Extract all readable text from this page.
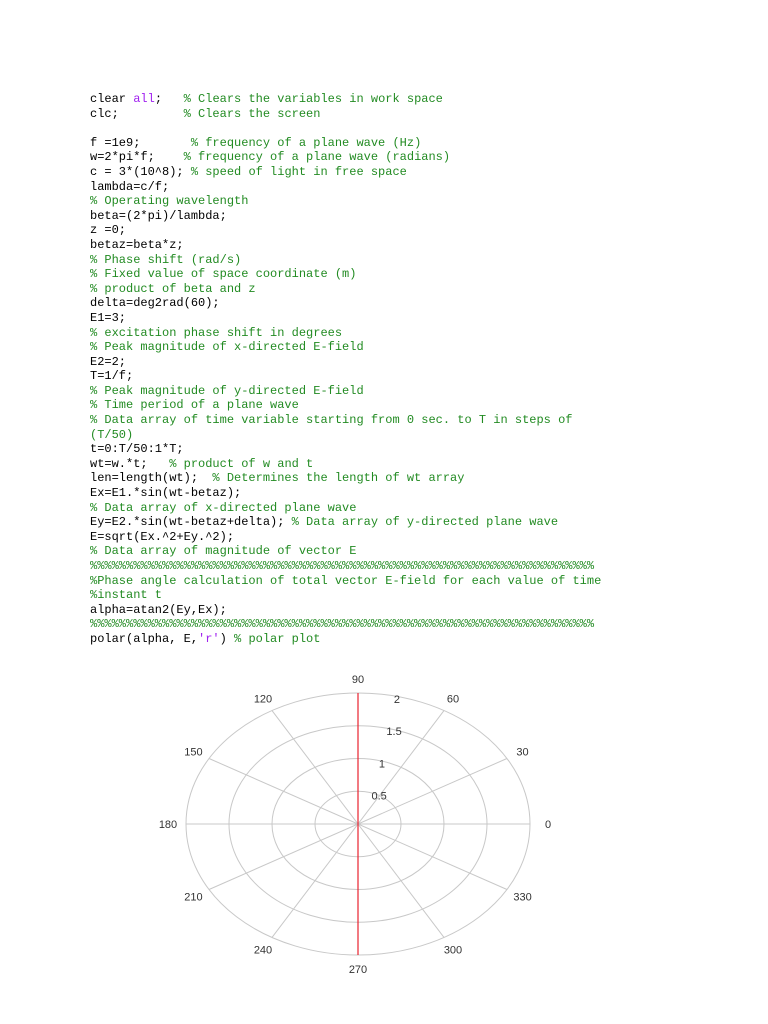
clear all;   % Clears the variables in work space
clc;         % Clears the screen
f =1e9;       % frequency of a plane wave (Hz)
w=2*pi*f;    % frequency of a plane wave (radians)
c = 3*(10^8); % speed of light in free space
lambda=c/f;
% Operating wavelength
beta=(2*pi)/lambda;
z =0;
betaz=beta*z;
% Phase shift (rad/s)
% Fixed value of space coordinate (m)
% product of beta and z
delta=deg2rad(60);
E1=3;
% excitation phase shift in degrees
% Peak magnitude of x-directed E-field
E2=2;
T=1/f;
% Peak magnitude of y-directed E-field
% Time period of a plane wave
% Data array of time variable starting from 0 sec. to T in steps of
(T/50)
t=0:T/50:1*T;
wt=w.*t;   % product of w and t
len=length(wt);  % Determines the length of wt array
Ex=E1.*sin(wt-betaz);
% Data array of x-directed plane wave
Ey=E2.*sin(wt-betaz+delta); % Data array of y-directed plane wave
E=sqrt(Ex.^2+Ey.^2);
% Data array of magnitude of vector E
%%%%%%%%%%%%%%%%%%%%%%%%%%%%%%%%%%%%%%%%%%%%%%%%%%%%%%%%%%%%%%%%%%%%%%
%Phase angle calculation of total vector E-field for each value of time
%instant t
alpha=atan2(Ey,Ex);
%%%%%%%%%%%%%%%%%%%%%%%%%%%%%%%%%%%%%%%%%%%%%%%%%%%%%%%%%%%%%%%%%%%%%%
polar(alpha, E,'r') % polar plot
0.5
1
1.5
2
0
30
60
90
120
150
180
210
240
270
300
330
